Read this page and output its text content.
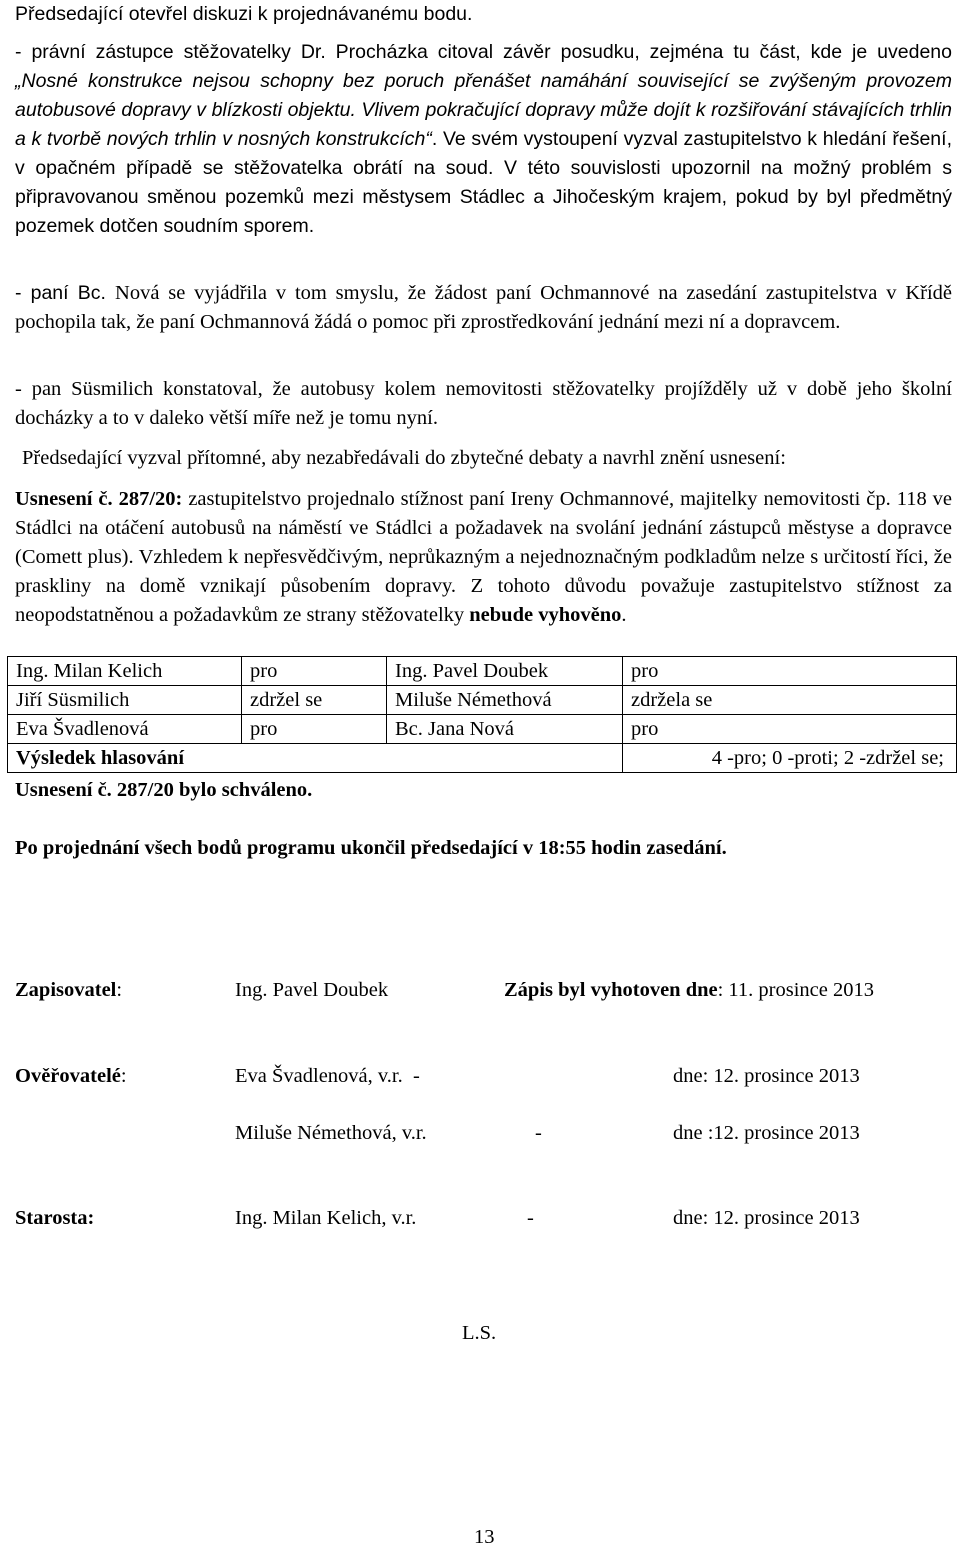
Předsedající otevřel diskuzi k projednávanému bodu.

- právní zástupce stěžovatelky Dr. Procházka citoval závěr posudku, zejména tu část, kde je uvedeno „Nosné konstrukce nejsou schopny bez poruch přenášet namáhání související se zvýšeným provozem autobusové dopravy v blízkosti objektu. Vlivem pokračující dopravy může dojít k rozšiřování stávajících trhlin a k tvorbě nových trhlin v nosných konstrukcích“. Ve svém vystoupení vyzval zastupitelstvo k hledání řešení, v opačném případě se stěžovatelka obrátí na soud. V této souvislosti upozornil na možný problém s připravovanou směnou pozemků mezi městysem Stádlec a Jihočeským krajem, pokud by byl předmětný pozemek dotčen soudním sporem.

- paní Bc. Nová se vyjádřila v tom smyslu, že žádost paní Ochmannové na zasedání zastupitelstva v Křídě pochopila tak, že paní Ochmannová žádá o pomoc při zprostředkování jednání mezi ní a dopravcem.

- pan Süsmilich konstatoval, že autobusy kolem nemovitosti stěžovatelky projížděly už v době jeho školní docházky a to v daleko větší míře než je tomu nyní.

Předsedající vyzval přítomné, aby nezabředávali do zbytečné debaty a navrhl znění usnesení:

Usnesení č. 287/20: zastupitelstvo projednalo stížnost paní Ireny Ochmannové, majitelky nemovitosti čp. 118 ve Stádlci na otáčení autobusů na náměstí ve Stádlci a požadavek na svolání jednání zástupců městyse a dopravce (Comett plus). Vzhledem k nepřesvědčivým, neprůkazným a nejednoznačným podkladům nelze s určitostí říci, že praskliny na domě vznikají působením dopravy. Z tohoto důvodu považuje zastupitelstvo stížnost za neopodstatněnou a požadavkům ze strany stěžovatelky nebude vyhověno.

Ing. Milan Kelich	pro	Ing. Pavel Doubek	pro
Jiří Süsmilich	zdržel se	Miluše Némethová	zdržela se
Eva Švadlenová	pro	Bc. Jana Nová	pro
Výsledek hlasování			4 -pro; 0 -proti; 2 -zdržel se;

Usnesení č. 287/20 bylo schváleno.

Po projednání všech bodů programu ukončil předsedající v 18:55 hodin zasedání.

Zapisovatel:	Ing. Pavel Doubek	Zápis byl vyhotoven dne: 11. prosince 2013
Ověřovatelé:	Eva Švadlenová, v.r.  -	dne: 12. prosince 2013
Miluše Némethová, v.r.	-	dne :12. prosince 2013
Starosta:	Ing. Milan Kelich, v.r.	-	dne: 12. prosince 2013
L.S.
13
